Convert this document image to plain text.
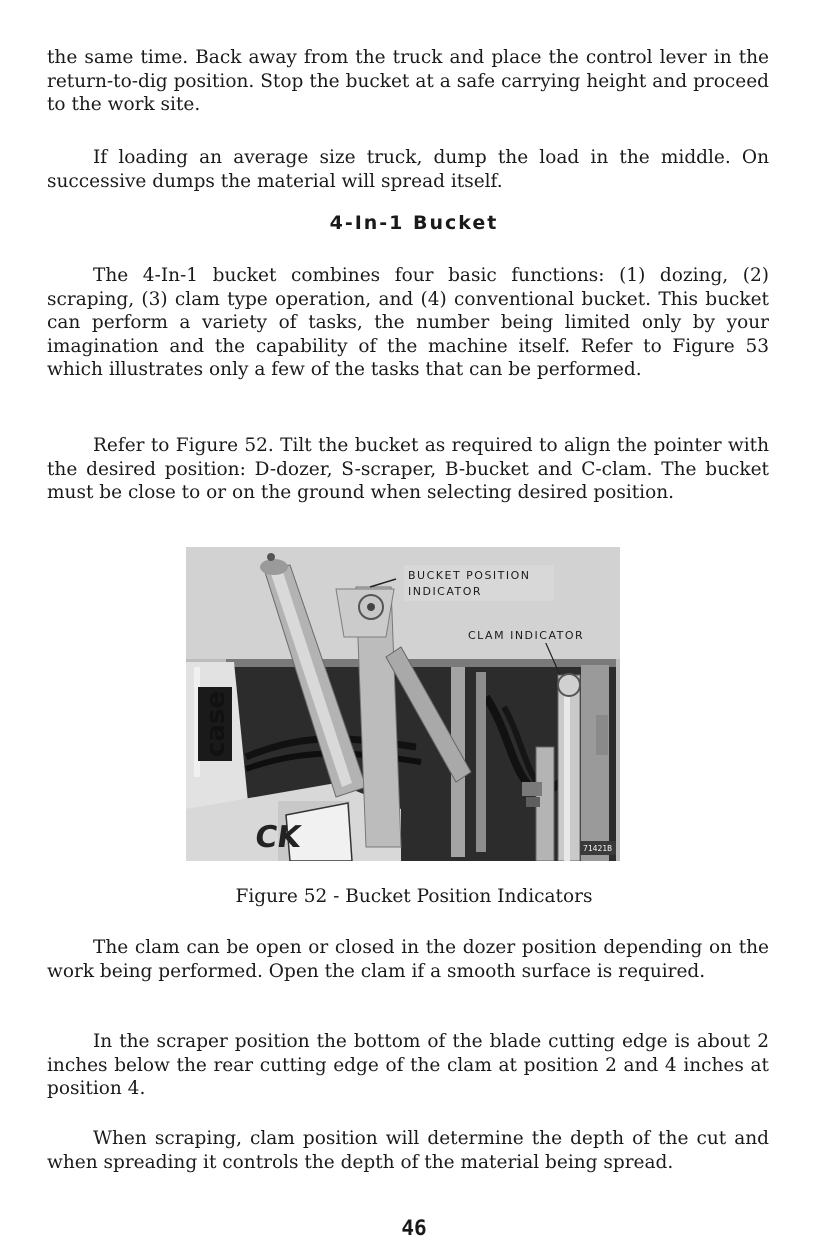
the same time. Back away from the truck and place the control lever in the return-to-dig position. Stop the bucket at a safe carrying height and proceed to the work site.

If loading an average size truck, dump the load in the middle. On successive dumps the material will spread itself.

4-In-1 Bucket

The 4-In-1 bucket combines four basic functions: (1) dozing, (2) scraping, (3) clam type operation, and (4) conventional bucket. This bucket can perform a variety of tasks, the number being limited only by your imagination and the capability of the machine itself. Refer to Figure 53 which illustrates only a few of the tasks that can be performed.

Refer to Figure 52. Tilt the bucket as required to align the pointer with the desired position: D-dozer, S-scraper, B-bucket and C-clam. The bucket must be close to or on the ground when selecting desired position.

BUCKET POSITION
INDICATOR
CLAM INDICATOR
case
CK	71421B

Figure 52 - Bucket Position Indicators

The clam can be open or closed in the dozer position depending on the work being performed. Open the clam if a smooth surface is required.

In the scraper position the bottom of the blade cutting edge is about 2 inches below the rear cutting edge of the clam at position 2 and 4 inches at position 4.

When scraping, clam position will determine the depth of the cut and when spreading it controls the depth of the material being spread.

46
